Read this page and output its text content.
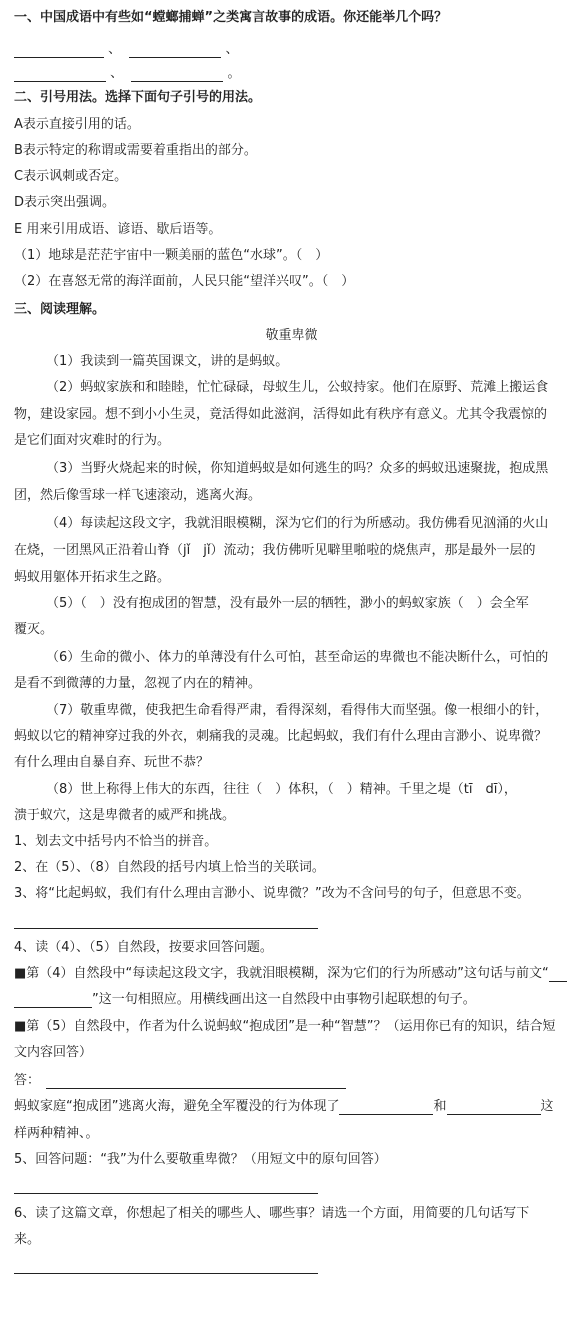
一、中国成语中有些如“螳螂捕蝉”之类寓言故事的成语。你还能举几个吗？
、	、
、	。
二、引号用法。选择下面句子引号的用法。
A表示直接引用的话。
B表示特定的称谓或需要着重指出的部分。
C表示讽刺或否定。
D表示突出强调。
E 用来引用成语、谚语、歇后语等。
（1）地球是茫茫宇宙中一颗美丽的蓝色“水球”。（　）
（2）在喜怒无常的海洋面前，人民只能“望洋兴叹”。（　）
三、阅读理解。
敬重卑微
（1）我读到一篇英国课文，讲的是蚂蚁。
（2）蚂蚁家族和和睦睦，忙忙碌碌，母蚁生儿，公蚁持家。他们在原野、荒滩上搬运食
物，建设家园。想不到小小生灵，竟活得如此滋润，活得如此有秩序有意义。尤其令我震惊的
是它们面对灾难时的行为。
（3）当野火烧起来的时候，你知道蚂蚁是如何逃生的吗？众多的蚂蚁迅速聚拢，抱成黑
团，然后像雪球一样飞速滚动，逃离火海。
（4）每读起这段文字，我就泪眼模糊，深为它们的行为所感动。我仿佛看见汹涌的火山
在烧，一团黑风正沿着山脊（jǐ　jǐ）流动；我仿佛听见噼里啪啦的烧焦声，那是最外一层的
蚂蚁用躯体开拓求生之路。
（5）（　）没有抱成团的智慧，没有最外一层的牺牲，渺小的蚂蚁家族（　）会全军
覆灭。
（6）生命的微小、体力的单薄没有什么可怕，甚至命运的卑微也不能决断什么，可怕的
是看不到微薄的力量，忽视了内在的精神。
（7）敬重卑微，使我把生命看得严肃，看得深刻，看得伟大而坚强。像一根细小的针，
蚂蚁以它的精神穿过我的外衣，刺痛我的灵魂。比起蚂蚁，我们有什么理由言渺小、说卑微？
有什么理由自暴自弃、玩世不恭？
（8）世上称得上伟大的东西，往往（　）体积，（　）精神。千里之堤（tī　dī），
溃于蚁穴，这是卑微者的威严和挑战。
1、划去文中括号内不恰当的拼音。
2、在（5）、（8）自然段的括号内填上恰当的关联词。
3、将“比起蚂蚁，我们有什么理由言渺小、说卑微？”改为不含问号的句子，但意思不变。
4、读（4）、（5）自然段，按要求回答问题。
■第（4）自然段中“每读起这段文字，我就泪眼模糊，深为它们的行为所感动”这句话与前文“
”这一句相照应。用横线画出这一自然段中由事物引起联想的句子。
■第（5）自然段中，作者为什么说蚂蚁“抱成团”是一种“智慧”？（运用你已有的知识，结合短
文内容回答）
答：
蚂蚁家庭“抱成团”逃离火海，避免全军覆没的行为体现了	和	这
样两种精神、。
5、回答问题：“我”为什么要敬重卑微？（用短文中的原句回答）
6、读了这篇文章，你想起了相关的哪些人、哪些事？请选一个方面，用简要的几句话写下
来。
